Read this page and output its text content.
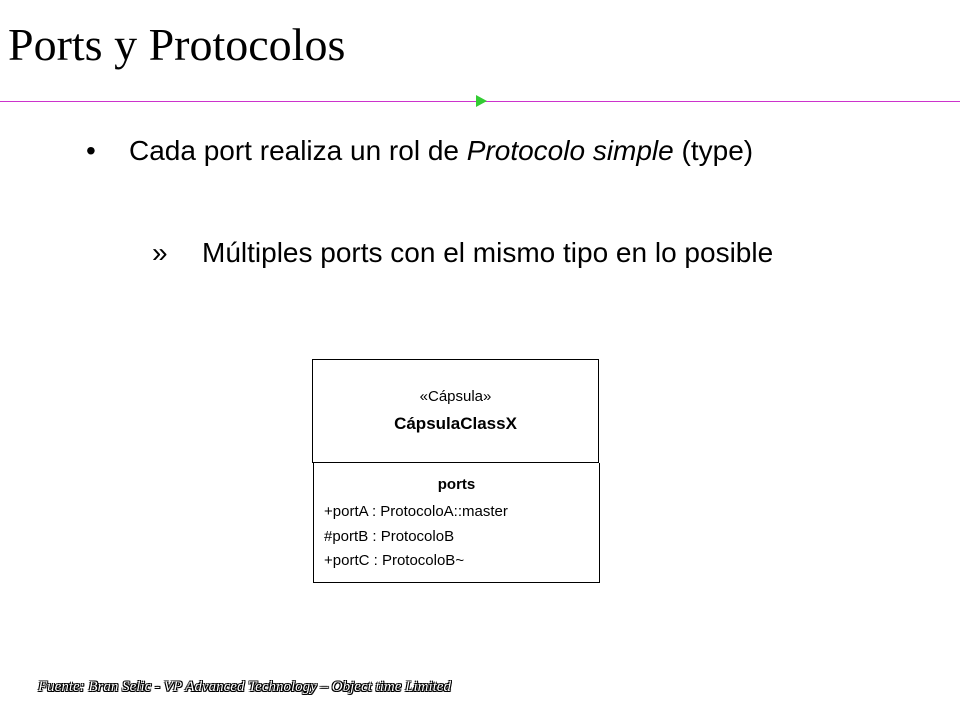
Ports y Protocolos
• Cada port realiza un rol de Protocolo simple (type)
» Múltiples ports con el mismo tipo en lo posible
«Cápsula»
CápsulaClassX
ports
+portA : ProtocoloA::master
#portB : ProtocoloB
+portC : ProtocoloB~
Fuente: Bran Selic - VP Advanced Technology – Object time Limited
